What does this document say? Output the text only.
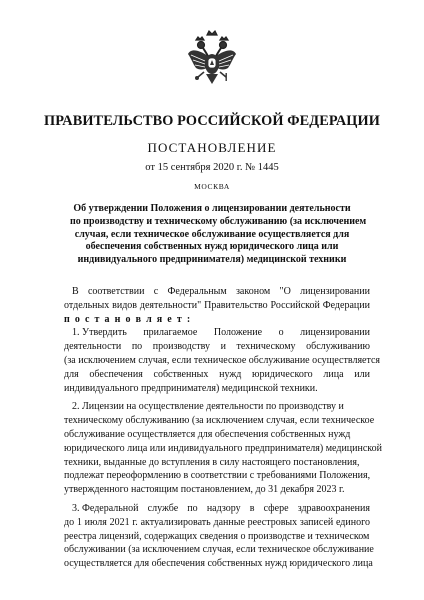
ПРАВИТЕЛЬСТВО РОССИЙСКОЙ ФЕДЕРАЦИИ
ПОСТАНОВЛЕНИЕ
от 15 сентября 2020 г. № 1445
МОСКВА
Об утверждении Положения о лицензировании деятельности
по производству и техническому обслуживанию (за исключением
случая, если техническое обслуживание осуществляется для
обеспечения собственных нужд юридического лица или
индивидуального предпринимателя) медицинской техники
В соответствии с Федеральным законом "О лицензировании
отдельных видов деятельности" Правительство Российской Федерации
п о с т а н о в л я е т :
1. Утвердить прилагаемое Положение о лицензировании
деятельности по производству и техническому обслуживанию
(за исключением случая, если техническое обслуживание осуществляется
для обеспечения собственных нужд юридического лица или
индивидуального предпринимателя) медицинской техники.
2. Лицензии на осуществление деятельности по производству и
техническому обслуживанию (за исключением случая, если техническое
обслуживание осуществляется для обеспечения собственных нужд
юридического лица или индивидуального предпринимателя) медицинской
техники, выданные до вступления в силу настоящего постановления,
подлежат переоформлению в соответствии с требованиями Положения,
утвержденного настоящим постановлением, до 31 декабря 2023 г.
3. Федеральной службе по надзору в сфере здравоохранения
до 1 июля 2021 г. актуализировать данные реестровых записей единого
реестра лицензий, содержащих сведения о производстве и техническом
обслуживании (за исключением случая, если техническое обслуживание
осуществляется для обеспечения собственных нужд юридического лица
